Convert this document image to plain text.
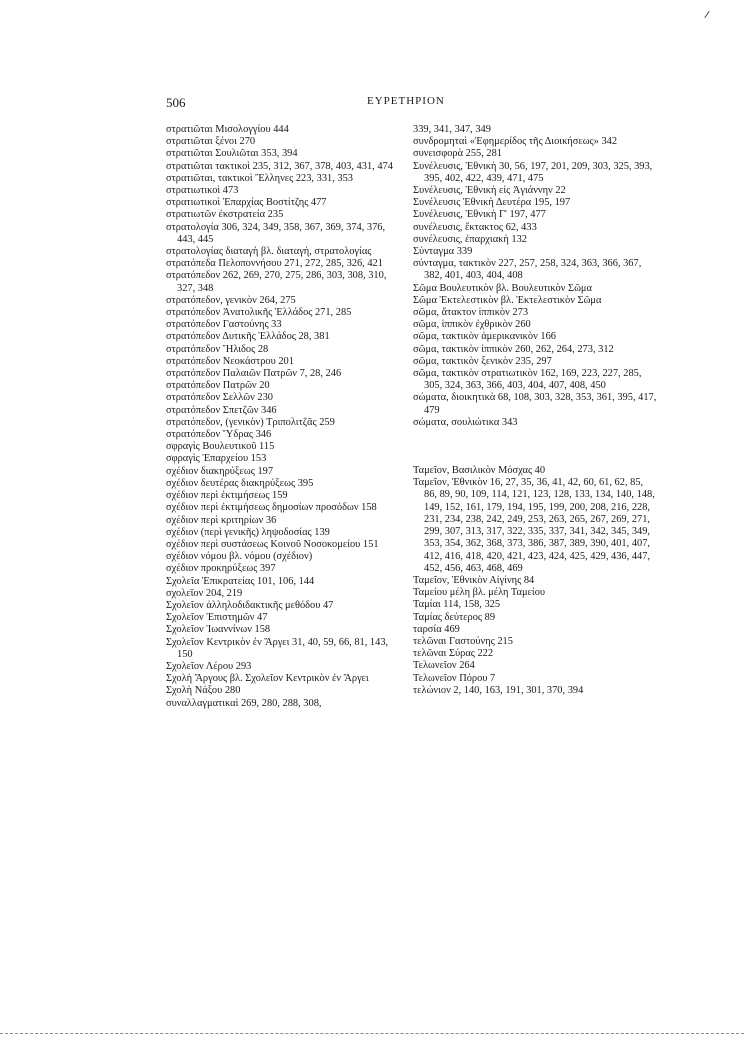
506	ΕΥΡΕΤΗΡΙΟΝ

στρατιῶται Μισολογγίου 444

στρατιῶται ξένοι 270

στρατιῶται Σουλιῶται 353, 394

στρατιῶται τακτικοὶ 235, 312, 367, 378, 403, 431, 474

στρατιῶται, τακτικοὶ Ἕλληνες 223, 331, 353

στρατιωτικοὶ 473

στρατιωτικοὶ Ἐπαρχίας Βοστίτζης 477

στρατιωτῶν ἐκστρατεία 235

στρατολογία 306, 324, 349, 358, 367, 369, 374, 376, 443, 445

στρατολογίας διαταγὴ βλ. διαταγή, στρατολογίας

στρατόπεδα Πελοποννήσου 271, 272, 285, 326, 421

στρατόπεδον 262, 269, 270, 275, 286, 303, 308, 310, 327, 348

στρατόπεδον, γενικὸν 264, 275

στρατόπεδον Ἀνατολικῆς Ἑλλάδος 271, 285

στρατόπεδον Γαστούνης 33

στρατόπεδον Δυτικῆς Ἑλλάδος 28, 381

στρατόπεδον Ἤλιδος 28

στρατόπεδον Νεοκάστρου 201

στρατόπεδον Παλαιῶν Πατρῶν 7, 28, 246

στρατόπεδον Πατρῶν 20

στρατόπεδον Σελλῶν 230

στρατόπεδον Σπετζῶν 346

στρατόπεδον, (γενικὸν) Τριπολιτζᾶς 259

στρατόπεδον Ὕδρας 346

σφραγὶς Βουλευτικοῦ 115

σφραγὶς Ἐπαρχείου 153

σχέδιον διακηρύξεως 197

σχέδιον δευτέρας διακηρύξεως 395

σχέδιον περὶ ἐκτιμήσεως 159

σχέδιον περὶ ἐκτιμήσεως δημοσίων προσόδων 158

σχέδιον περὶ κριτηρίων 36

σχέδιον (περὶ γενικῆς) ληψοδοσίας 139

σχέδιον περὶ συστάσεως Κοινοῦ Νοσοκομείου 151

σχέδιον νόμου βλ. νόμου (σχέδιον)

σχέδιον προκηρύξεως 397

Σχολεῖα Ἐπικρατείας 101, 106, 144

σχολεῖον 204, 219

Σχολεῖον ἀλληλοδιδακτικῆς μεθόδου 47

Σχολεῖον Ἐπιστημῶν 47

Σχολεῖον Ἰωαννίνων 158

Σχολεῖον Κεντρικὸν ἐν Ἄργει 31, 40, 59, 66, 81, 143, 150

Σχολεῖον Λέρου 293

Σχολὴ Ἄργους βλ. Σχολεῖον Κεντρικὸν ἐν Ἄργει

Σχολὴ Νάξου 280

συναλλαγματικαὶ 269, 280, 288, 308,

339, 341, 347, 349

συνδρομηταὶ «Ἐφημερίδος τῆς Διοικήσεως» 342

συνεισφορὰ 255, 281

Συνέλευσις, Ἐθνικὴ 30, 56, 197, 201, 209, 303, 325, 393, 395, 402, 422, 439, 471, 475

Συνέλευσις, Ἐθνικὴ εἰς Ἀγιάννην 22

Συνέλευσις Ἐθνικὴ Δευτέρα 195, 197

Συνέλευσις, Ἐθνικὴ Γ' 197, 477

συνέλευσις, ἔκτακτος 62, 433

συνέλευσις, ἐπαρχιακὴ 132

Σύνταγμα 339

σύνταγμα, τακτικὸν 227, 257, 258, 324, 363, 366, 367, 382, 401, 403, 404, 408

Σῶμα Βουλευτικὸν βλ. Βουλευτικὸν Σῶμα

Σῶμα Ἐκτελεστικὸν βλ. Ἐκτελεστικὸν Σῶμα

σῶμα, ἄτακτον ἱππικὸν 273

σῶμα, ἱππικὸν ἐχθρικὸν 260

σῶμα, τακτικὸν ἀμερικανικὸν 166

σῶμα, τακτικὸν ἱππικὸν 260, 262, 264, 273, 312

σῶμα, τακτικὸν ξενικὸν 235, 297

σῶμα, τακτικὸν στρατιωτικὸν 162, 169, 223, 227, 285, 305, 324, 363, 366, 403, 404, 407, 408, 450

σώματα, διοικητικὰ 68, 108, 303, 328, 353, 361, 395, 417, 479

σώματα, σουλιώτικα 343

Ταμεῖον, Βασιλικὸν Μόσχας 40

Ταμεῖον, Ἐθνικὸν 16, 27, 35, 36, 41, 42, 60, 61, 62, 85, 86, 89, 90, 109, 114, 121, 123, 128, 133, 134, 140, 148, 149, 152, 161, 179, 194, 195, 199, 200, 208, 216, 228, 231, 234, 238, 242, 249, 253, 263, 265, 267, 269, 271, 299, 307, 313, 317, 322, 335, 337, 341, 342, 345, 349, 353, 354, 362, 368, 373, 386, 387, 389, 390, 401, 407, 412, 416, 418, 420, 421, 423, 424, 425, 429, 436, 447, 452, 456, 463, 468, 469

Ταμεῖον, Ἐθνικὸν Αἰγίνης 84

Ταμείου μέλη βλ. μέλη Ταμείου

Ταμίαι 114, 158, 325

Ταμίας δεύτερος 89

ταρσία 469

τελῶναι Γαστούνης 215

τελῶναι Σύρας 222

Τελωνεῖον 264

Τελωνεῖον Πόρου 7

τελώνιον 2, 140, 163, 191, 301, 370, 394
